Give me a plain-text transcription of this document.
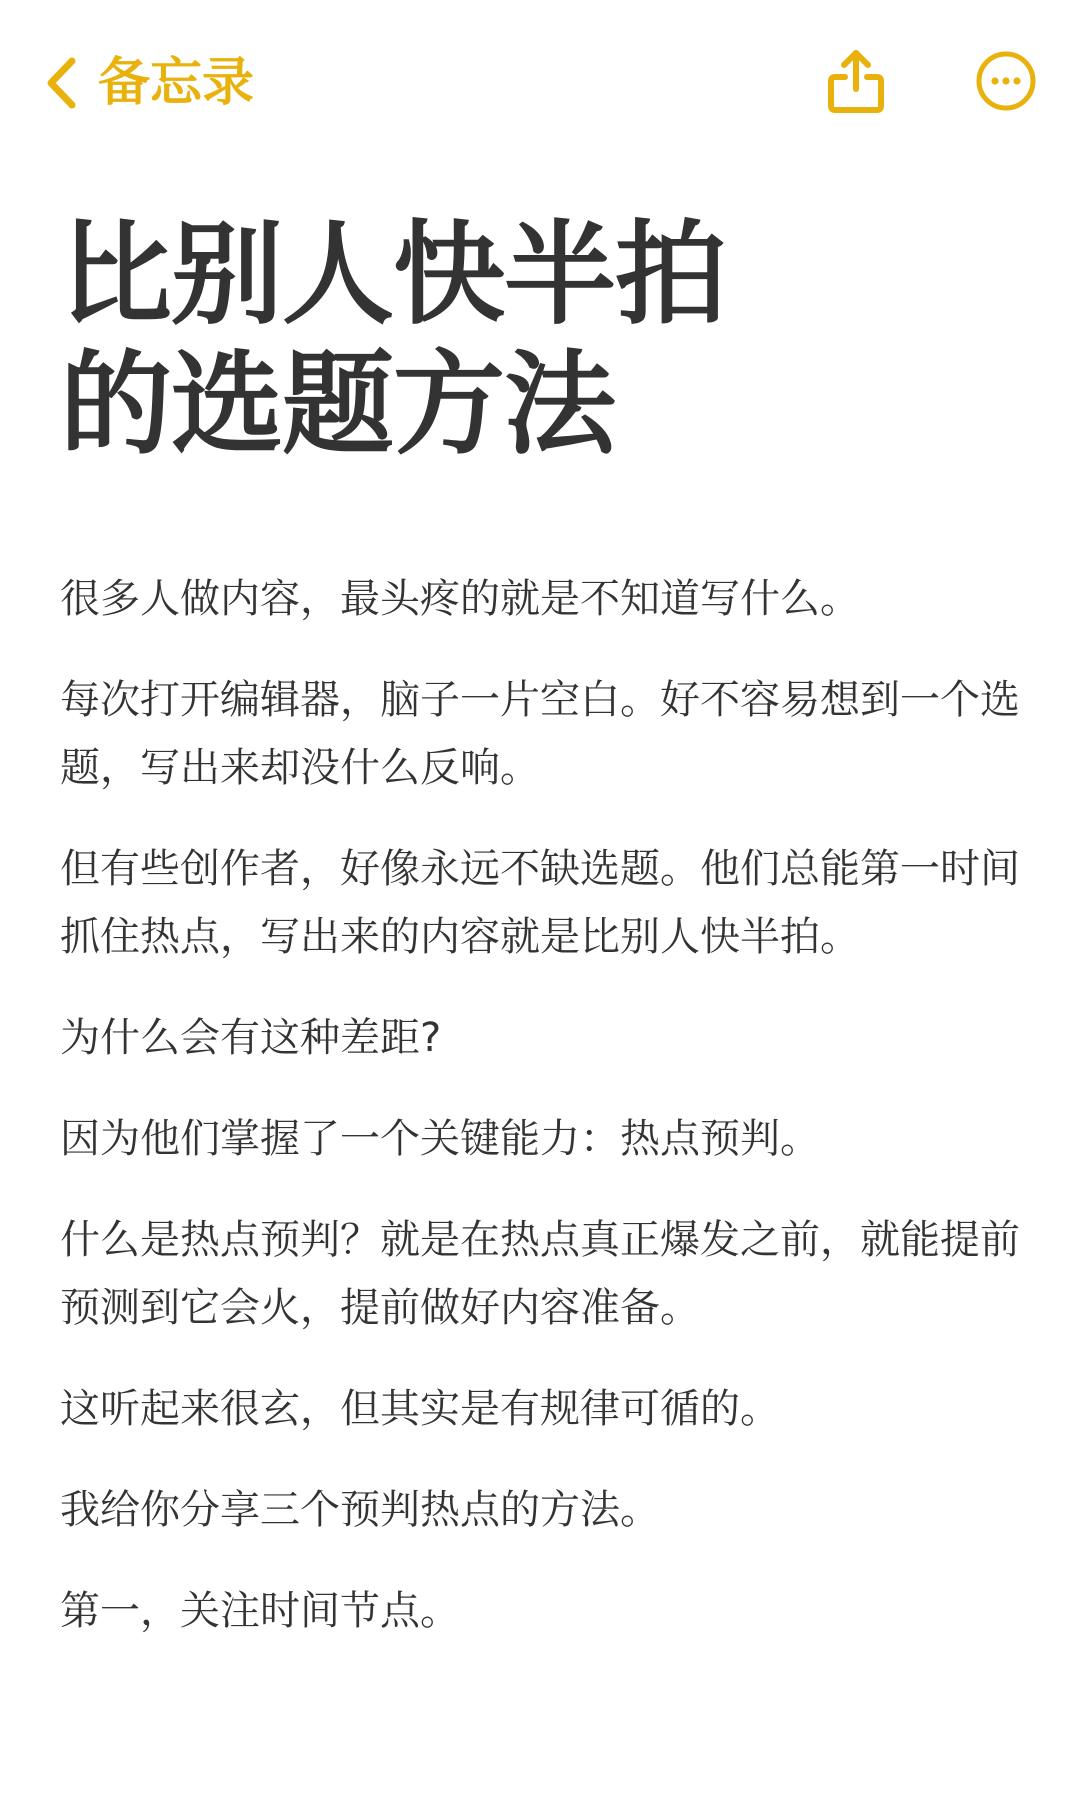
备忘录
比别人快半拍
的选题方法

很多人做内容，最头疼的就是不知道写什么。

每次打开编辑器，脑子一片空白。好不容易想到一个选题，写出来却没什么反响。

但有些创作者，好像永远不缺选题。他们总能第一时间抓住热点，写出来的内容就是比别人快半拍。

为什么会有这种差距?

因为他们掌握了一个关键能力：热点预判。

什么是热点预判？就是在热点真正爆发之前，就能提前预测到它会火，提前做好内容准备。

这听起来很玄，但其实是有规律可循的。

我给你分享三个预判热点的方法。

第一，关注时间节点。
